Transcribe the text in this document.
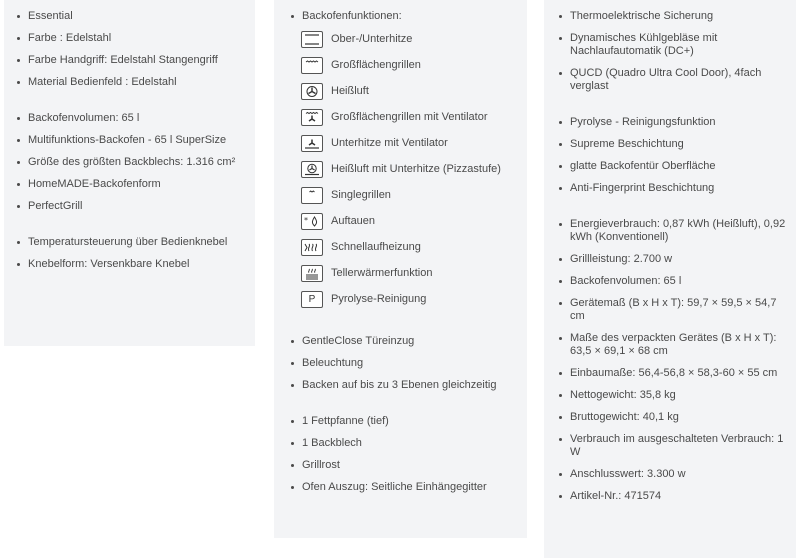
Essential
Farbe : Edelstahl
Farbe Handgriff: Edelstahl Stangengriff
Material Bedienfeld : Edelstahl
Backofenvolumen: 65 l
Multifunktions-Backofen - 65 l SuperSize
Größe des größten Backblechs: 1.316 cm²
HomeMADE-Backofenform
PerfectGrill
Temperatursteuerung über Bedienknebel
Knebelform: Versenkbare Knebel
Backofenfunktionen:
Ober-/Unterhitze
Großflächengrillen
Heißluft
Großflächengrillen mit Ventilator
Unterhitze mit Ventilator
Heißluft mit Unterhitze (Pizzastufe)
Singlegrillen
* Auftauen
Schnellaufheizung
Tellerwärmerfunktion
P	Pyrolyse-Reinigung
GentleClose Türeinzug
Beleuchtung
Backen auf bis zu 3 Ebenen gleichzeitig
1 Fettpfanne (tief)
1 Backblech
Grillrost
Ofen Auszug: Seitliche Einhängegitter
Thermoelektrische Sicherung
Dynamisches Kühlgebläse mit Nachlaufautomatik (DC+)
QUCD (Quadro Ultra Cool Door), 4fach verglast
Pyrolyse - Reinigungsfunktion
Supreme Beschichtung
glatte Backofentür Oberfläche
Anti-Fingerprint Beschichtung
Energieverbrauch: 0,87 kWh (Heißluft), 0,92 kWh (Konventionell)
Grillleistung: 2.700 w
Backofenvolumen: 65 l
Gerätemaß (B x H x T): 59,7 × 59,5 × 54,7 cm
Maße des verpackten Gerätes (B x H x T): 63,5 × 69,1 × 68 cm
Einbaumaße: 56,4-56,8 × 58,3-60 × 55 cm
Nettogewicht: 35,8 kg
Bruttogewicht: 40,1 kg
Verbrauch im ausgeschalteten Verbrauch: 1 W
Anschlusswert: 3.300 w
Artikel-Nr.: 471574
